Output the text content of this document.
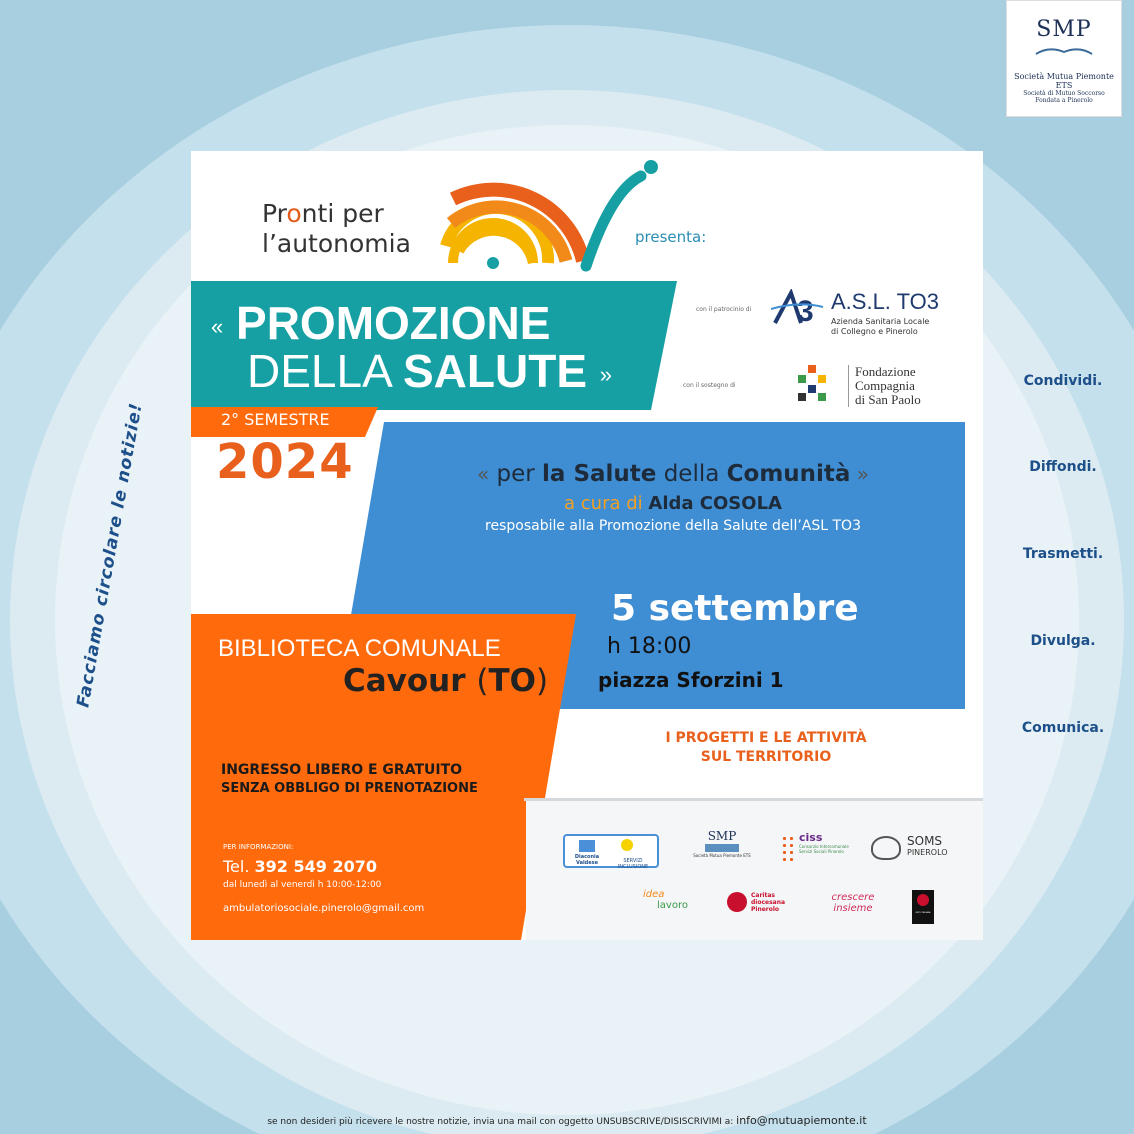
SMP
Società Mutua Piemonte ETS
Società di Mutuo Soccorso
Fondata a Pinerolo
Facciamo circolare le notizie!
Condividi.
Diffondi.
Trasmetti.
Divulga.
Comunica.
Pronti per
l’autonomia	presenta:
« PROMOZIONE
DELLA SALUTE »
con il patrocinio di 3 A.S.L. TO3
Azienda Sanitaria Locale
di Collegno e Pinerolo
con il sostegno di
Fondazione
Compagnia
di San Paolo
2° SEMESTRE
2024	« per la Salute della Comunità »
a cura di Alda COSOLA
resposabile alla Promozione della Salute dell’ASL TO3
5 settembre
h 18:00
piazza Sforzini 1
BIBLIOTECA COMUNALE
Cavour (TO)
I PROGETTI E LE ATTIVITÀ
SUL TERRITORIO
INGRESSO LIBERO E GRATUITO
SENZA OBBLIGO DI PRENOTAZIONE
PER INFORMAZIONI:
Tel. 392 549 2070
dal lunedì al venerdì h 10:00-12:00
ambulatoriosociale.pinerolo@gmail.com
Diaconia Valdese	SERVIZI INCLUSIONE
SMP
Società Mutua Piemonte ETS
ciss
Consorzio Intercomunale Servizi Sociali Pinerolo
SOMS
PINEROLO
idea
lavoro
Caritas diocesana Pinerolo
crescere
insieme	RETE ITALIANA
se non desideri più ricevere le nostre notizie, invia una mail con oggetto UNSUBSCRIVE/DISISCRIVIMI a: info@mutuapiemonte.it
